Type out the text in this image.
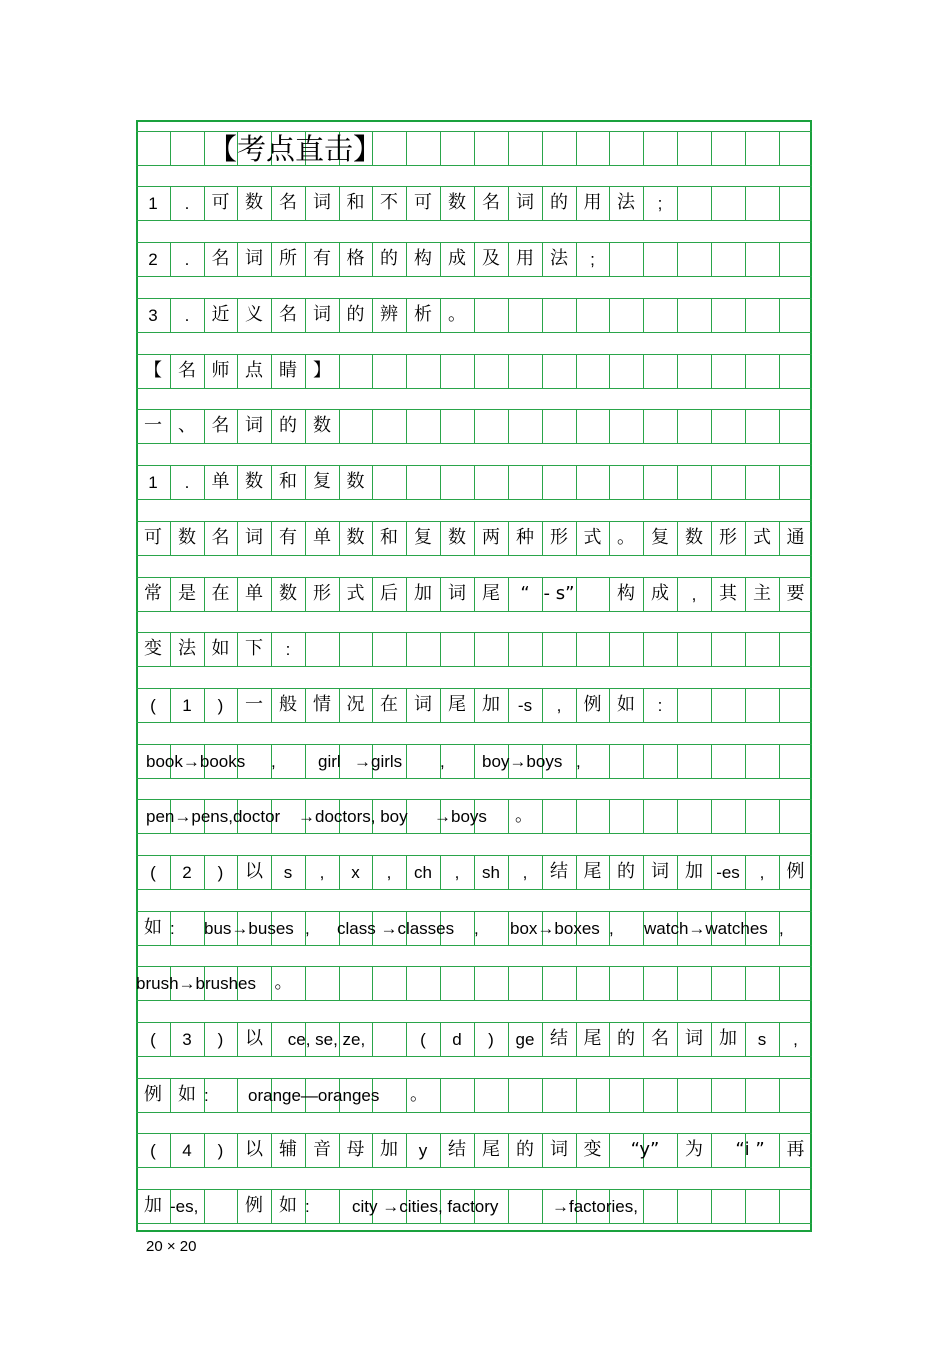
1	.	可 数 名 词 和 不 可 数 名 词 的 用 法	;
2	.	名 词 所 有 格 的 构 成 及 用 法	;
3	.	近 义 名 词 的 辨 析 。
【 名 师 点 睛 】
一 、 名 词 的 数
1	.	单 数 和 复 数
可 数 名 词 有 单 数 和 复 数 两 种 形 式 。 复 数 形 式 通
常 是 在 单 数 形 式 后 加 词 尾	“ - s”	构 成	,	其 主 要
变 法 如 下	:
(	1	)	一 般 情 况 在 词 尾 加	-s	,	例 如	:
book→books	,	girl →girls	,	boy→boys ,
pen→pens,doctor	→doctors, boy	→boys	。
(	2	)	以	s	,	x	,	ch	,	sh	,	结 尾 的 词 加 -es	,	例
如 :	bus→buses ,	class →classes	,	box→boxes ,	watch→watches ,
brush→brushes	。
(	3	)	以	ce, se, ze,	(	d	)	ge 结 尾 的 名 词 加	s	,
例 如 :	orange—oranges	。
(	4	)	以 辅 音 母 加	y	结 尾 的 词 变	“y”	为	“i ”	再
加 -es,	例 如 :	city →cities, factory	→factories,
【考点直击】
20 × 20
